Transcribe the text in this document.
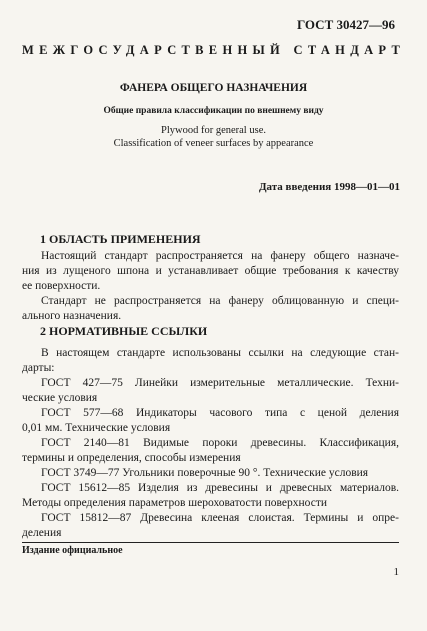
ГОСТ 30427—96
МЕЖГОСУДАРСТВЕННЫЙ СТАНДАРТ
ФАНЕРА ОБЩЕГО НАЗНАЧЕНИЯ
Общие правила классификации по внешнему виду
Plywood for general use.
Classification of veneer surfaces by appearance
Дата введения 1998—01—01
1 ОБЛАСТЬ ПРИМЕНЕНИЯ
Настоящий стандарт распространяется на фанеру общего назначе-
ния из лущеного шпона и устанавливает общие требования к качеству
ее поверхности.
Стандарт не распространяется на фанеру облицованную и специ-
ального назначения.
2 НОРМАТИВНЫЕ ССЫЛКИ
В настоящем стандарте использованы ссылки на следующие стан-
дарты:
ГОСТ 427—75 Линейки измерительные металлические. Техни-
ческие условия
ГОСТ 577—68 Индикаторы часового типа с ценой деления
0,01 мм. Технические условия
ГОСТ 2140—81 Видимые пороки древесины. Классификация,
термины и определения, способы измерения
ГОСТ 3749—77 Угольники поверочные 90 °. Технические условия
ГОСТ 15612—85 Изделия из древесины и древесных материалов.
Методы определения параметров шероховатости поверхности
ГОСТ 15812—87 Древесина клееная слоистая. Термины и опре-
деления
Издание официальное
1
